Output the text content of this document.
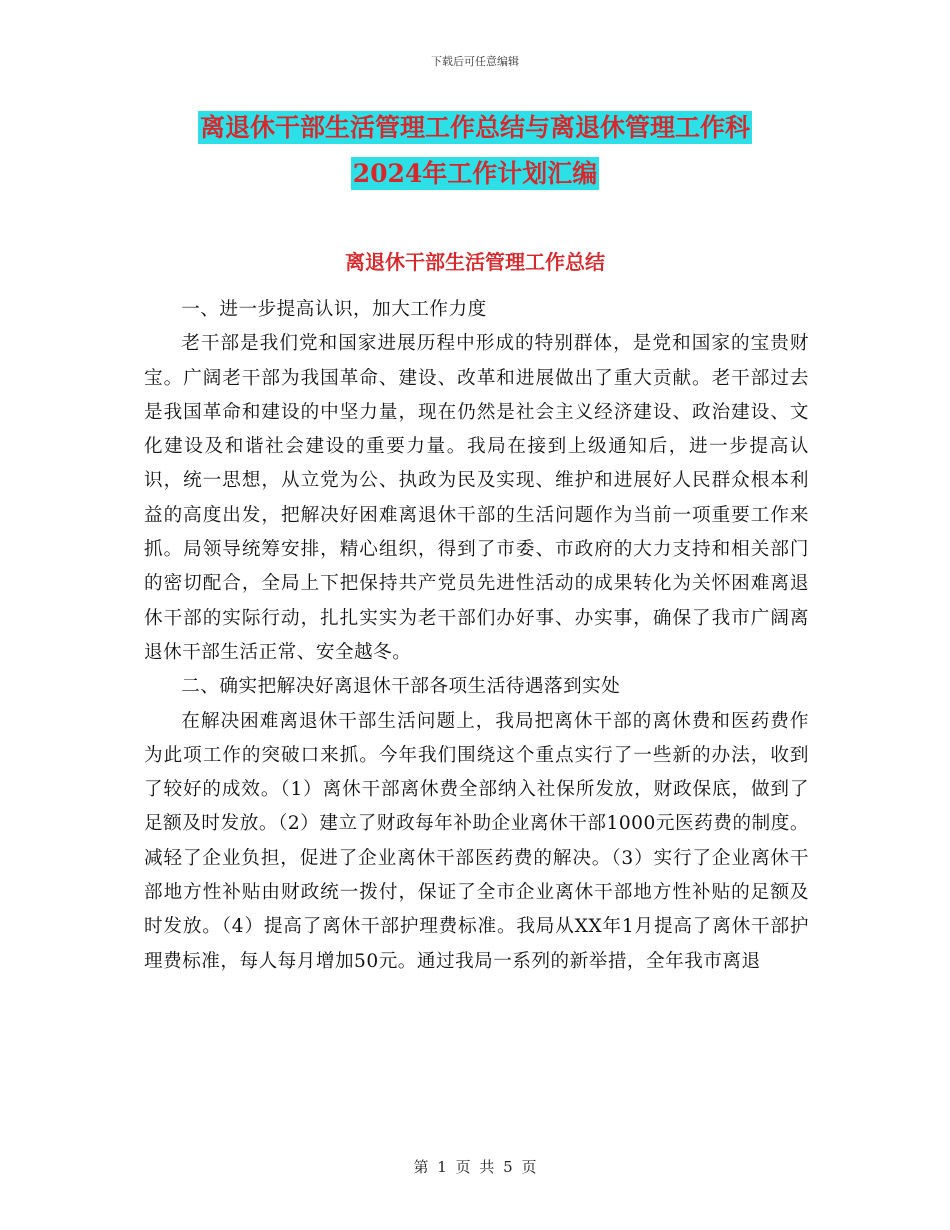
下载后可任意编辑
离退休干部生活管理工作总结与离退休管理工作科
2024年工作计划汇编
离退休干部生活管理工作总结

一、进一步提高认识，加大工作力度

老干部是我们党和国家进展历程中形成的特别群体，是党和国家的宝贵财宝。广阔老干部为我国革命、建设、改革和进展做出了重大贡献。老干部过去是我国革命和建设的中坚力量，现在仍然是社会主义经济建设、政治建设、文化建设及和谐社会建设的重要力量。我局在接到上级通知后，进一步提高认识，统一思想，从立党为公、执政为民及实现、维护和进展好人民群众根本利益的高度出发，把解决好困难离退休干部的生活问题作为当前一项重要工作来抓。局领导统筹安排，精心组织，得到了市委、市政府的大力支持和相关部门的密切配合，全局上下把保持共产党员先进性活动的成果转化为关怀困难离退休干部的实际行动，扎扎实实为老干部们办好事、办实事，确保了我市广阔离退休干部生活正常、安全越冬。

二、确实把解决好离退休干部各项生活待遇落到实处

在解决困难离退休干部生活问题上，我局把离休干部的离休费和医药费作为此项工作的突破口来抓。今年我们围绕这个重点实行了一些新的办法，收到了较好的成效。（1）离休干部离休费全部纳入社保所发放，财政保底，做到了足额及时发放。（2）建立了财政每年补助企业离休干部1000元医药费的制度。减轻了企业负担，促进了企业离休干部医药费的解决。（3）实行了企业离休干部地方性补贴由财政统一拨付，保证了全市企业离休干部地方性补贴的足额及时发放。（4）提高了离休干部护理费标准。我局从XX年1月提高了离休干部护理费标准，每人每月增加50元。通过我局一系列的新举措，全年我市离退

第 1 页 共 5 页
